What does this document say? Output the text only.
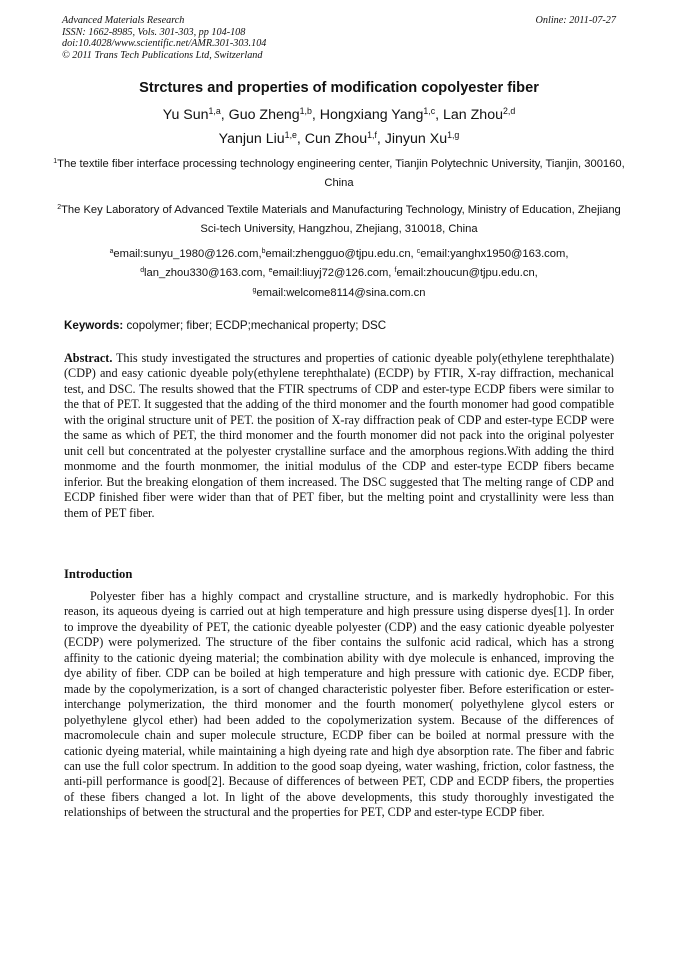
Advanced Materials Research
ISSN: 1662-8985, Vols. 301-303, pp 104-108
doi:10.4028/www.scientific.net/AMR.301-303.104
© 2011 Trans Tech Publications Ltd, Switzerland
Online: 2011-07-27
Strctures and properties of modification copolyester fiber
Yu Sun$^{1,a}$, Guo Zheng$^{1,b}$, Hongxiang Yang$^{1,c}$, Lan Zhou$^{2,d}$
Yanjun Liu$^{1,e}$, Cun Zhou$^{1,f}$, Jinyun Xu$^{1,g}$
$^1$The textile fiber interface processing technology engineering center, Tianjin Polytechnic University, Tianjin, 300160, China
$^2$The Key Laboratory of Advanced Textile Materials and Manufacturing Technology, Ministry of Education, Zhejiang Sci-tech University, Hangzhou, Zhejiang, 310018, China
$^a$email:sunyu_1980@126.com,$^b$email:zhengguo@tjpu.edu.cn, $^c$email:yanghx1950@163.com,
$^d$lan_zhou330@163.com, $^e$email:liuyj72@126.com, $^f$email:zhoucun@tjpu.edu.cn,
$^g$email:welcome8114@sina.com.cn
Keywords: copolymer; fiber; ECDP;mechanical property; DSC

Abstract. This study investigated the structures and properties of cationic dyeable poly(ethylene terephthalate) (CDP) and easy cationic dyeable poly(ethylene terephthalate) (ECDP) by FTIR, X-ray diffraction, mechanical test, and DSC. The results showed that the FTIR spectrums of CDP and ester-type ECDP fibers were similar to the that of PET. It suggested that the adding of the third monomer and the fourth monomer had good compatible with the original structure unit of PET. the position of X-ray diffraction peak of CDP and ester-type ECDP were the same as which of PET, the third monomer and the fourth monomer did not pack into the original polyester unit cell but concentrated at the polyester crystalline surface and the amorphous regions.With adding the third monmome and the fourth monmomer, the initial modulus of the CDP and ester-type ECDP fibers became inferior. But the breaking elongation of them increased. The DSC suggested that The melting range of CDP and ECDP finished fiber were wider than that of PET fiber, but the melting point and crystallinity were less than them of PET fiber.

Introduction

Polyester fiber has a highly compact and crystalline structure, and is markedly hydrophobic. For this reason, its aqueous dyeing is carried out at high temperature and high pressure using disperse dyes[1]. In order to improve the dyeability of PET, the cationic dyeable polyester (CDP) and the easy cationic dyeable polyester (ECDP) were polymerized. The structure of the fiber contains the sulfonic acid radical, which has a strong affinity to the cationic dyeing material; the combination ability with dye molecule is enhanced, improving the dye ability of fiber. CDP can be boiled at high temperature and high pressure with cationic dye. ECDP fiber, made by the copolymerization, is a sort of changed characteristic polyester fiber. Before esterification or ester-interchange polymerization, the third monomer and the fourth monomer( polyethylene glycol esters or polyethylene glycol ether) had been added to the copolymerization system. Because of the differences of macromolecule chain and super molecule structure, ECDP fiber can be boiled at normal pressure with the cationic dyeing material, while maintaining a high dyeing rate and high dye absorption rate. The fiber and fabric can use the full color spectrum. In addition to the good soap dyeing, water washing, friction, color fastness, the anti-pill performance is good[2]. Because of differences of between PET, CDP and ECDP fibers, the properties of these fibers changed a lot. In light of the above developments, this study thoroughly investigated the relationships of between the structural and the properties for PET, CDP and ester-type ECDP fiber.
